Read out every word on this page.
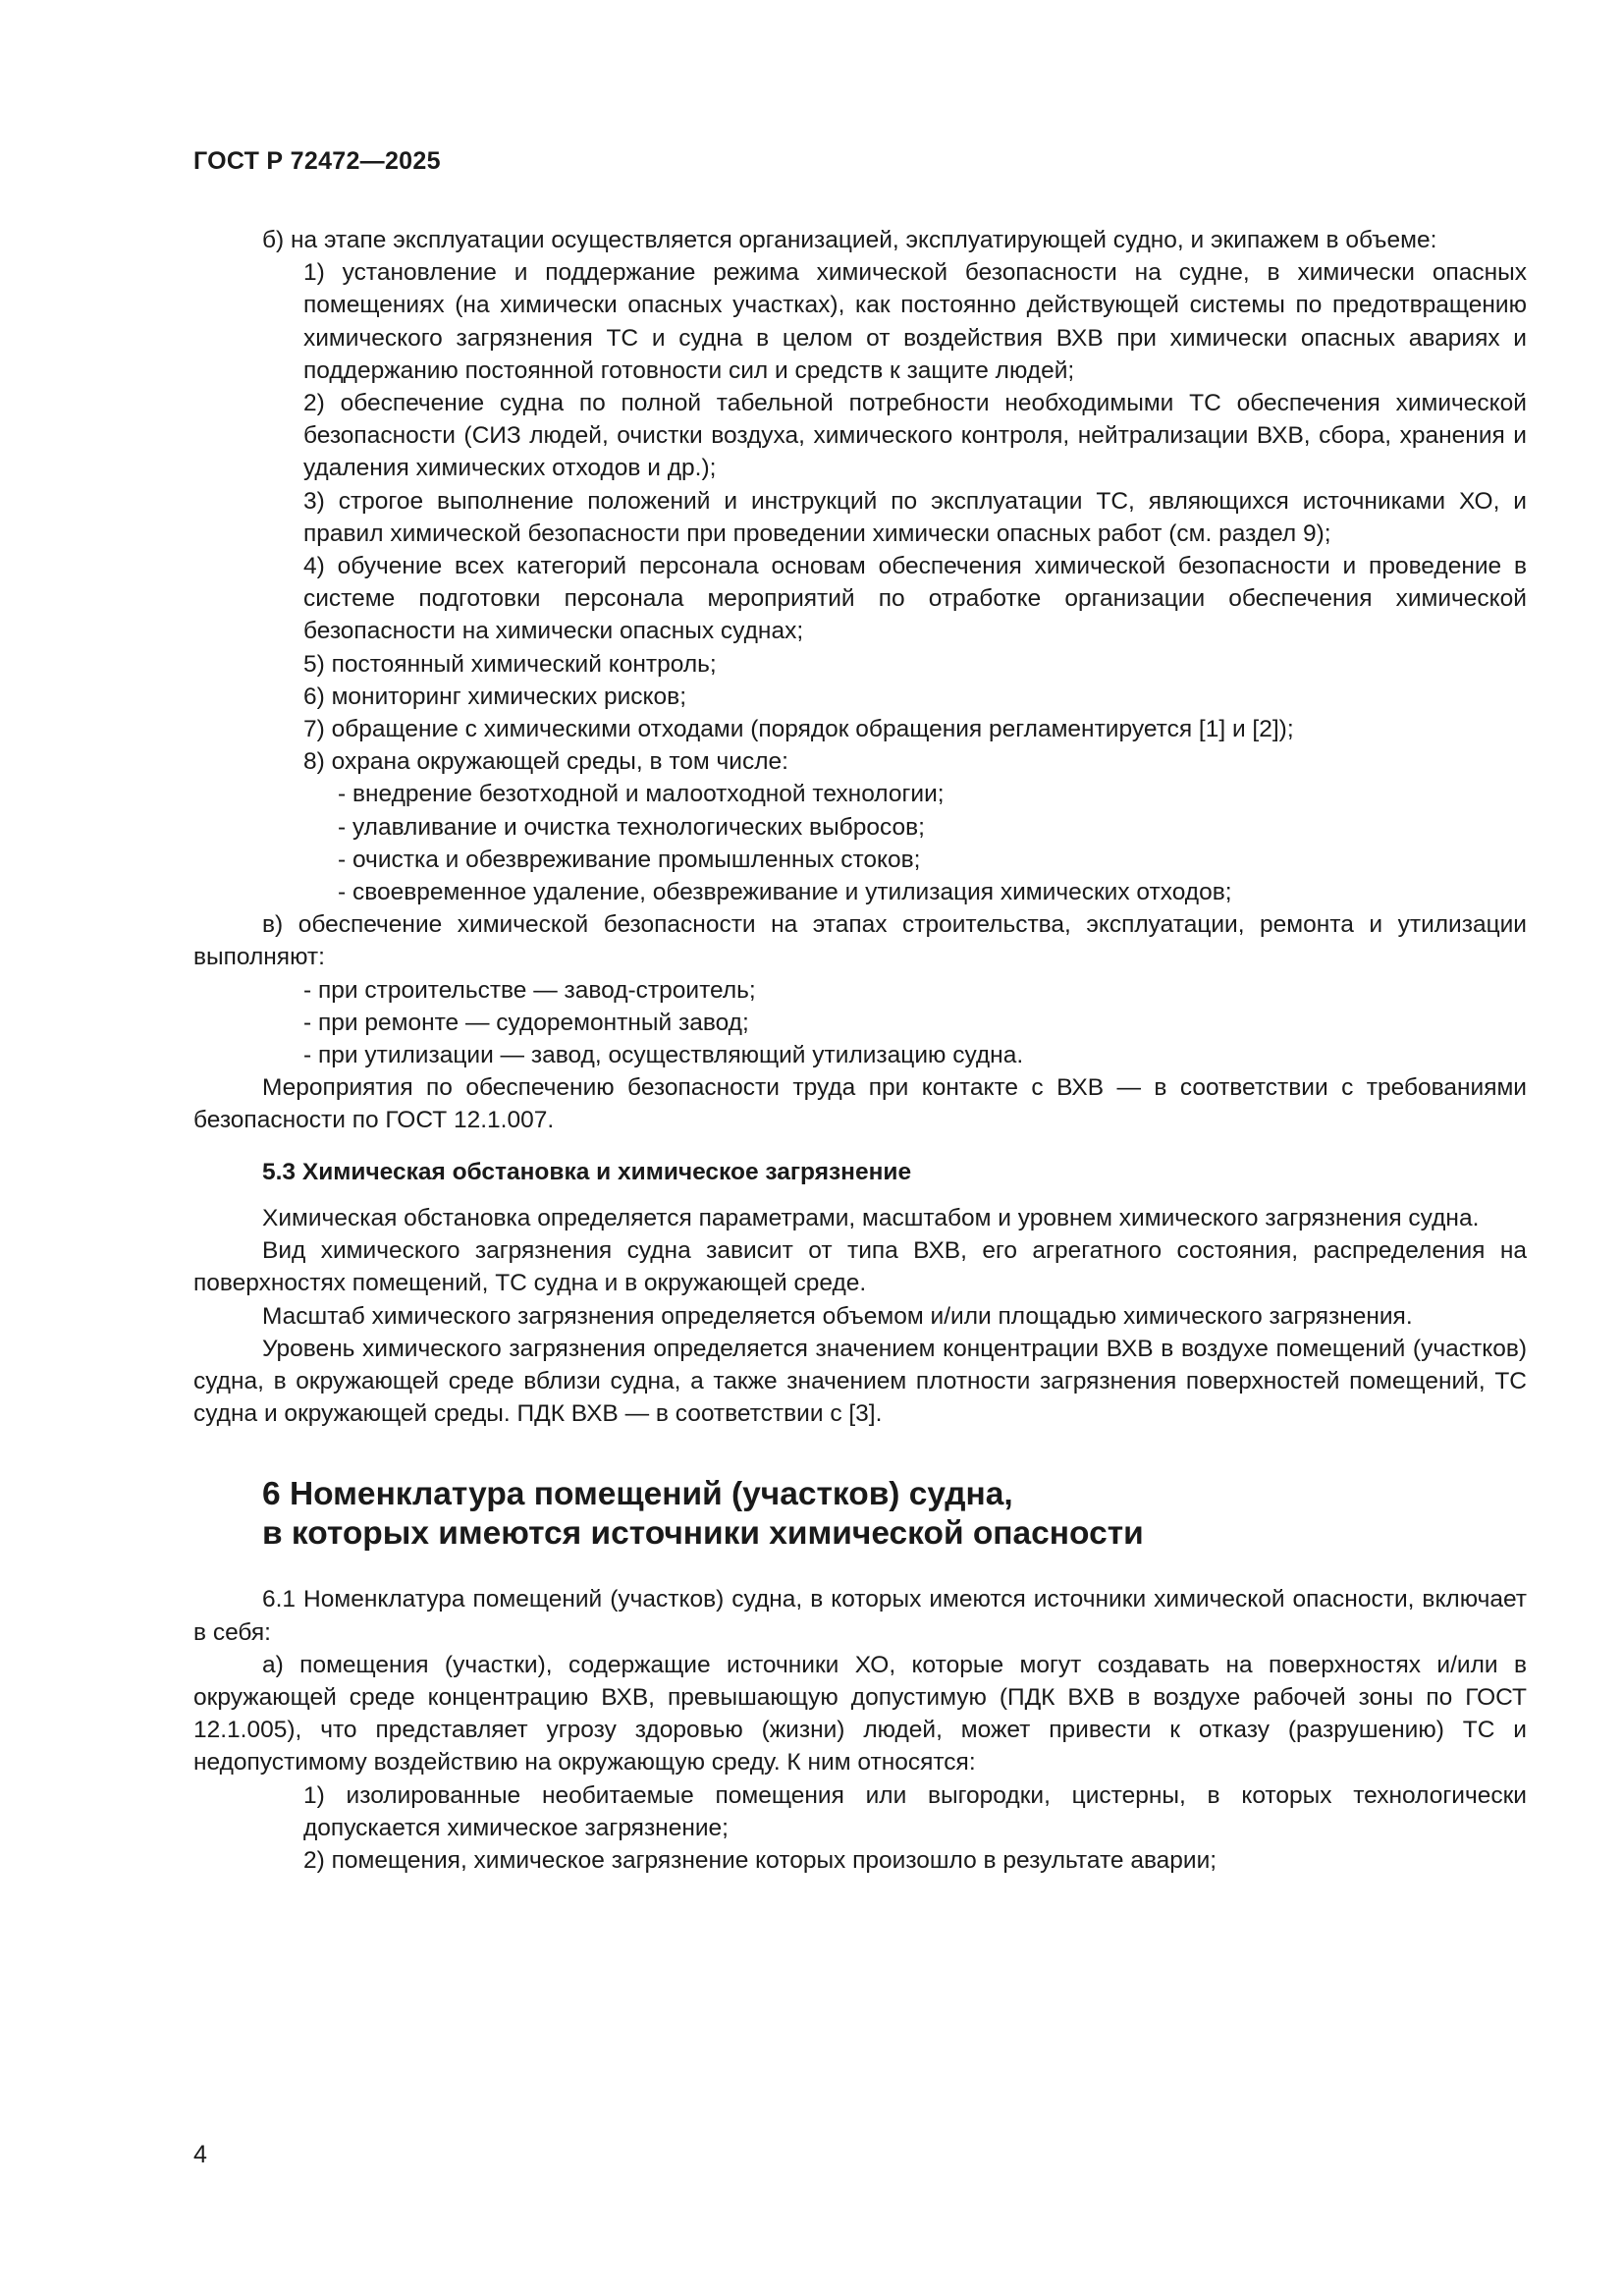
ГОСТ Р 72472—2025

б) на этапе эксплуатации осуществляется организацией, эксплуатирующей судно, и экипажем в объеме:

1) установление и поддержание режима химической безопасности на судне, в химически опасных помещениях (на химически опасных участках), как постоянно действующей системы по предотвращению химического загрязнения ТС и судна в целом от воздействия ВХВ при химически опасных авариях и поддержанию постоянной готовности сил и средств к защите людей;

2) обеспечение судна по полной табельной потребности необходимыми ТС обеспечения химической безопасности (СИЗ людей, очистки воздуха, химического контроля, нейтрализации ВХВ, сбора, хранения и удаления химических отходов и др.);

3) строгое выполнение положений и инструкций по эксплуатации ТС, являющихся источниками ХО, и правил химической безопасности при проведении химически опасных работ (см. раздел 9);

4) обучение всех категорий персонала основам обеспечения химической безопасности и проведение в системе подготовки персонала мероприятий по отработке организации обеспечения химической безопасности на химически опасных суднах;

5) постоянный химический контроль;

6) мониторинг химических рисков;

7) обращение с химическими отходами (порядок обращения регламентируется [1] и [2]);

8) охрана окружающей среды, в том числе:

- внедрение безотходной и малоотходной технологии;

- улавливание и очистка технологических выбросов;

- очистка и обезвреживание промышленных стоков;

- своевременное удаление, обезвреживание и утилизация химических отходов;

в) обеспечение химической безопасности на этапах строительства, эксплуатации, ремонта и утилизации выполняют:

- при строительстве — завод-строитель;

- при ремонте — судоремонтный завод;

- при утилизации — завод, осуществляющий утилизацию судна.

Мероприятия по обеспечению безопасности труда при контакте с ВХВ — в соответствии с требованиями безопасности по ГОСТ 12.1.007.

5.3 Химическая обстановка и химическое загрязнение

Химическая обстановка определяется параметрами, масштабом и уровнем химического загрязнения судна.

Вид химического загрязнения судна зависит от типа ВХВ, его агрегатного состояния, распределения на поверхностях помещений, ТС судна и в окружающей среде.

Масштаб химического загрязнения определяется объемом и/или площадью химического загрязнения.

Уровень химического загрязнения определяется значением концентрации ВХВ в воздухе помещений (участков) судна, в окружающей среде вблизи судна, а также значением плотности загрязнения поверхностей помещений, ТС судна и окружающей среды. ПДК ВХВ — в соответствии с [3].

6 Номенклатура помещений (участков) судна,
в которых имеются источники химической опасности

6.1 Номенклатура помещений (участков) судна, в которых имеются источники химической опасности, включает в себя:

а) помещения (участки), содержащие источники ХО, которые могут создавать на поверхностях и/или в окружающей среде концентрацию ВХВ, превышающую допустимую (ПДК ВХВ в воздухе рабочей зоны по ГОСТ 12.1.005), что представляет угрозу здоровью (жизни) людей, может привести к отказу (разрушению) ТС и недопустимому воздействию на окружающую среду. К ним относятся:

1) изолированные необитаемые помещения или выгородки, цистерны, в которых технологически допускается химическое загрязнение;

2) помещения, химическое загрязнение которых произошло в результате аварии;

4
